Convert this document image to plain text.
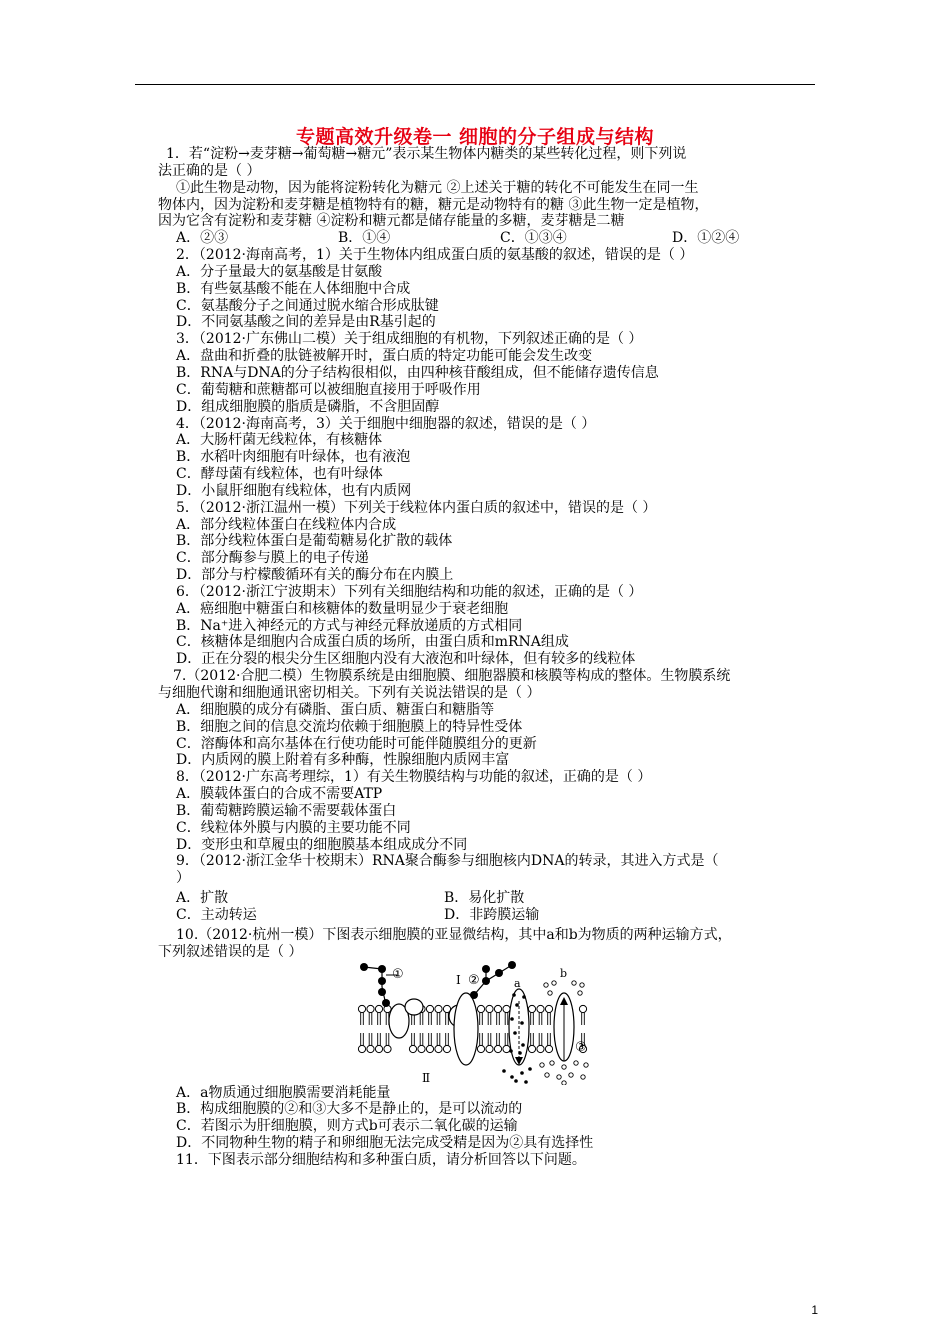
专题高效升级卷一 细胞的分子组成与结构
1．若“淀粉→麦芽糖→葡萄糖→糖元”表示某生物体内糖类的某些转化过程，则下列说
法正确的是（ ）
①此生物是动物，因为能将淀粉转化为糖元 ②上述关于糖的转化不可能发生在同一生
物体内，因为淀粉和麦芽糖是植物特有的糖，糖元是动物特有的糖 ③此生物一定是植物，
因为它含有淀粉和麦芽糖 ④淀粉和糖元都是储存能量的多糖，麦芽糖是二糖
A．②③	B．①④	C．①③④	D．①②④
2．（2012·海南高考，1）关于生物体内组成蛋白质的氨基酸的叙述，错误的是（ ）
A．分子量最大的氨基酸是甘氨酸
B．有些氨基酸不能在人体细胞中合成
C．氨基酸分子之间通过脱水缩合形成肽键
D．不同氨基酸之间的差异是由R基引起的
3．（2012·广东佛山二模）关于组成细胞的有机物，下列叙述正确的是（ ）
A．盘曲和折叠的肽链被解开时，蛋白质的特定功能可能会发生改变
B．RNA与DNA的分子结构很相似，由四种核苷酸组成，但不能储存遗传信息
C．葡萄糖和蔗糖都可以被细胞直接用于呼吸作用
D．组成细胞膜的脂质是磷脂，不含胆固醇
4．（2012·海南高考，3）关于细胞中细胞器的叙述，错误的是（ ）
A．大肠杆菌无线粒体，有核糖体
B．水稻叶肉细胞有叶绿体，也有液泡
C．酵母菌有线粒体，也有叶绿体
D．小鼠肝细胞有线粒体，也有内质网
5．（2012·浙江温州一模）下列关于线粒体内蛋白质的叙述中，错误的是（ ）
A．部分线粒体蛋白在线粒体内合成
B．部分线粒体蛋白是葡萄糖易化扩散的载体
C．部分酶参与膜上的电子传递
D．部分与柠檬酸循环有关的酶分布在内膜上
6．（2012·浙江宁波期末）下列有关细胞结构和功能的叙述，正确的是（ ）
A．癌细胞中糖蛋白和核糖体的数量明显少于衰老细胞
B．Na⁺进入神经元的方式与神经元释放递质的方式相同
C．核糖体是细胞内合成蛋白质的场所，由蛋白质和mRNA组成
D．正在分裂的根尖分生区细胞内没有大液泡和叶绿体，但有较多的线粒体
7.（2012·合肥二模）生物膜系统是由细胞膜、细胞器膜和核膜等构成的整体。生物膜系统
与细胞代谢和细胞通讯密切相关。下列有关说法错误的是（ ）
A．细胞膜的成分有磷脂、蛋白质、糖蛋白和糖脂等
B．细胞之间的信息交流均依赖于细胞膜上的特异性受体
C．溶酶体和高尔基体在行使功能时可能伴随膜组分的更新
D．内质网的膜上附着有多种酶，性腺细胞内质网丰富
8．（2012·广东高考理综，1）有关生物膜结构与功能的叙述，正确的是（ ）
A．膜载体蛋白的合成不需要ATP
B．葡萄糖跨膜运输不需要载体蛋白
C．线粒体外膜与内膜的主要功能不同
D．变形虫和草履虫的细胞膜基本组成成分不同
9．（2012·浙江金华十校期末）RNA聚合酶参与细胞核内DNA的转录，其进入方式是（
）
A．扩散	B．易化扩散
C．主动转运	D．非跨膜运输
10.（2012·杭州一模）下图表示细胞膜的亚显微结构，其中a和b为物质的两种运输方式，
下列叙述错误的是（ ）
①	Ⅰ ②	a
b
③
Ⅱ
A．a物质通过细胞膜需要消耗能量
B．构成细胞膜的②和③大多不是静止的，是可以流动的
C．若图示为肝细胞膜，则方式b可表示二氧化碳的运输
D．不同物种生物的精子和卵细胞无法完成受精是因为②具有选择性
11．下图表示部分细胞结构和多种蛋白质，请分析回答以下问题。
1
